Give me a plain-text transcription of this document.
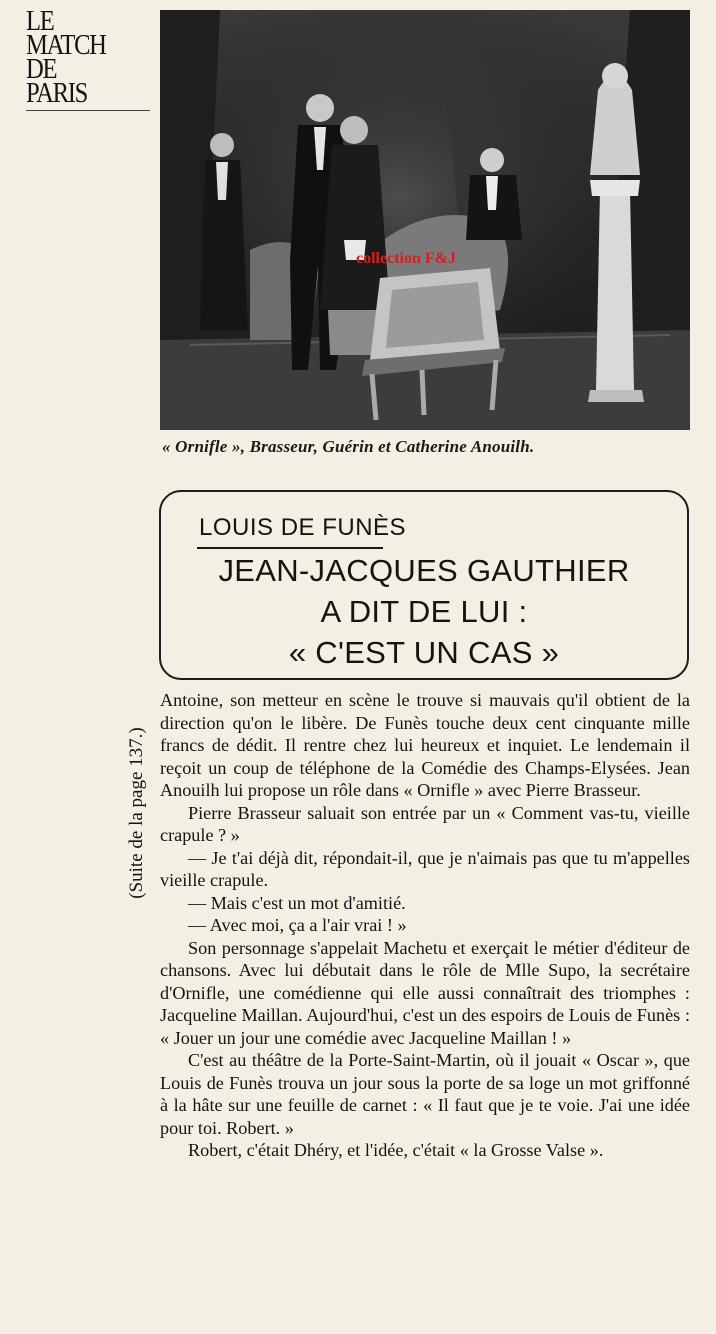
LE
MATCH
DE
PARIS
collection F&J
« Ornifle », Brasseur, Guérin et Catherine Anouilh.
LOUIS DE FUNÈS
JEAN-JACQUES GAUTHIER
A DIT DE LUI :
« C'EST UN CAS »
(Suite de la page 137.)

Antoine, son metteur en scène le trouve si mauvais qu'il obtient de la direction qu'on le libère. De Funès touche deux cent cinquante mille francs de dédit. Il rentre chez lui heureux et inquiet. Le lendemain il reçoit un coup de téléphone de la Comédie des Champs-Elysées. Jean Anouilh lui propose un rôle dans « Ornifle » avec Pierre Brasseur.

Pierre Brasseur saluait son entrée par un « Comment vas-tu, vieille crapule ? »

— Je t'ai déjà dit, répondait-il, que je n'aimais pas que tu m'appelles vieille crapule.

— Mais c'est un mot d'amitié.

— Avec moi, ça a l'air vrai ! »

Son personnage s'appelait Machetu et exerçait le métier d'éditeur de chansons. Avec lui débutait dans le rôle de Mlle Supo, la secrétaire d'Ornifle, une comédienne qui elle aussi connaîtrait des triomphes : Jacqueline Maillan. Aujourd'hui, c'est un des espoirs de Louis de Funès : « Jouer un jour une comédie avec Jacqueline Maillan ! »

C'est au théâtre de la Porte-Saint-Martin, où il jouait « Oscar », que Louis de Funès trouva un jour sous la porte de sa loge un mot griffonné à la hâte sur une feuille de carnet : « Il faut que je te voie. J'ai une idée pour toi. Robert. »

Robert, c'était Dhéry, et l'idée, c'était « la Grosse Valse ».
